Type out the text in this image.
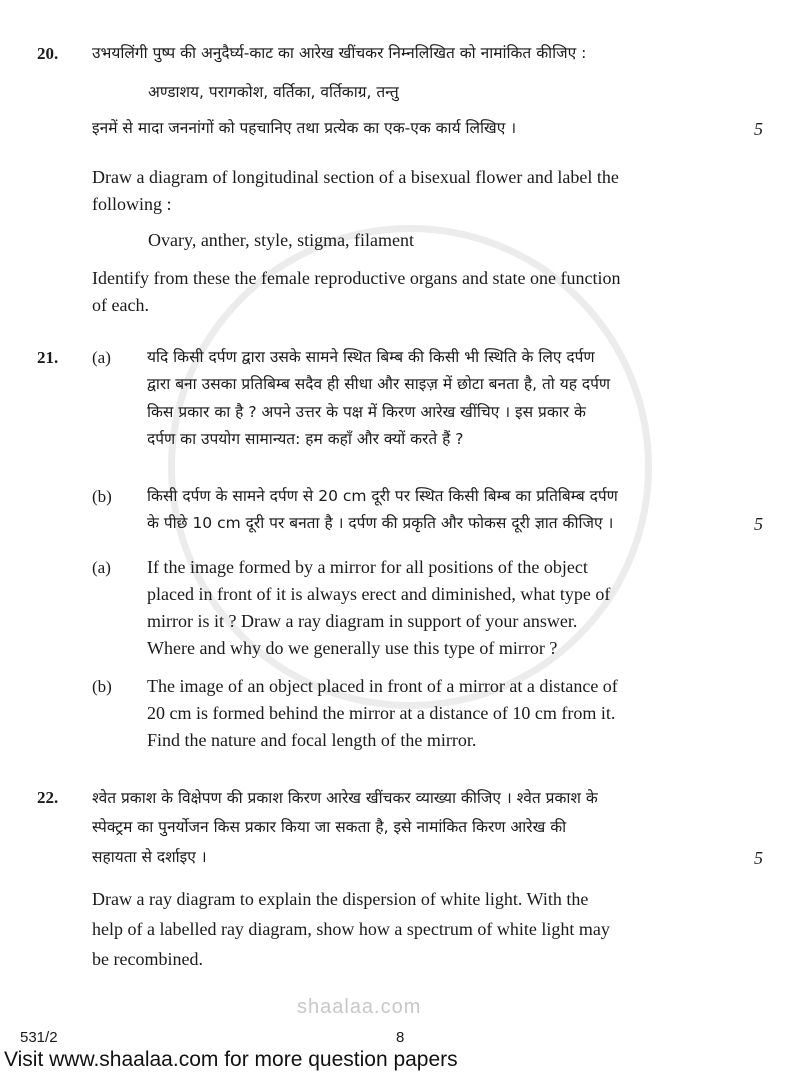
20.	उभयलिंगी पुष्प की अनुदैर्घ्य-काट का आरेख खींचकर निम्नलिखित को नामांकित कीजिए :
अण्डाशय, परागकोश, वर्तिका, वर्तिकाग्र, तन्तु
इनमें से मादा जननांगों को पहचानिए तथा प्रत्येक का एक-एक कार्य लिखिए ।	5
Draw a diagram of longitudinal section of a bisexual flower and label the
following :
Ovary, anther, style, stigma, filament
Identify from these the female reproductive organs and state one function
of each.
21.	(a)	यदि किसी दर्पण द्वारा उसके सामने स्थित बिम्ब की किसी भी स्थिति के लिए दर्पण
द्वारा बना उसका प्रतिबिम्ब सदैव ही सीधा और साइज़ में छोटा बनता है, तो यह दर्पण
किस प्रकार का है ? अपने उत्तर के पक्ष में किरण आरेख खींचिए । इस प्रकार के
दर्पण का उपयोग सामान्यत: हम कहाँ और क्यों करते हैं ?
(b)	किसी दर्पण के सामने दर्पण से 20 cm दूरी पर स्थित किसी बिम्ब का प्रतिबिम्ब दर्पण
के पीछे 10 cm दूरी पर बनता है । दर्पण की प्रकृति और फोकस दूरी ज्ञात कीजिए ।	5
(a)	If the image formed by a mirror for all positions of the object
placed in front of it is always erect and diminished, what type of
mirror is it ? Draw a ray diagram in support of your answer.
Where and why do we generally use this type of mirror ?
(b)	The image of an object placed in front of a mirror at a distance of
20 cm is formed behind the mirror at a distance of 10 cm from it.
Find the nature and focal length of the mirror.
22.	श्वेत प्रकाश के विक्षेपण की प्रकाश किरण आरेख खींचकर व्याख्या कीजिए । श्वेत प्रकाश के
स्पेक्ट्रम का पुनर्योजन किस प्रकार किया जा सकता है, इसे नामांकित किरण आरेख की
सहायता से दर्शाइए ।	5
Draw a ray diagram to explain the dispersion of white light. With the
help of a labelled ray diagram, show how a spectrum of white light may
be recombined.
shaalaa.com
531/2	8
Visit www.shaalaa.com for more question papers
